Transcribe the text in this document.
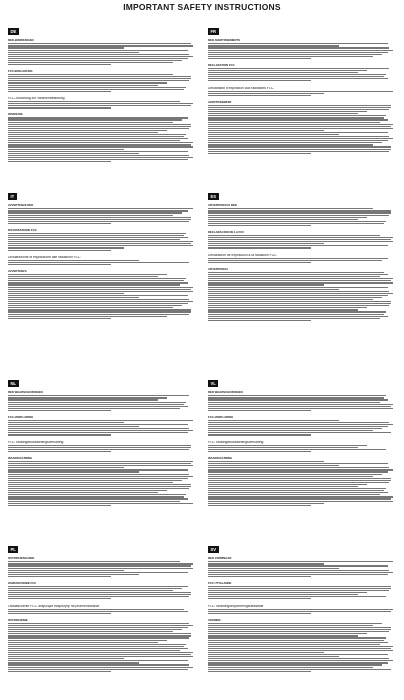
IMPORTANT SAFETY INSTRUCTIONS
DE
RED-WARNUNGEN
FCC-ERKLÄRUNG
FCC-Erklärung zur Strahlenbelastung
WARNUNG
FR
RED AVERTISSEMENTS
DÉCLARATION FCC
Déclaration d'exposition aux radiations FCC
AVERTISSEMENT
IT
AVVERTENZE RED
DICHIARAZIONE FCC
Dichiarazione di esposizione alle radiazioni FCC
AVVERTENZA
ES
ADVERTENCIAS RED
DECLARACIÓN DE LA FCC
Declaración de exposición a la radiación FCC
ADVERTENCIA
NL
RED WAARSCHUWINGEN
FCC-VERKLARING
FCC Stralingsblootstellingsverklaring
WAARSCHUWING
VL
RED WAARSCHUWINGEN
FCC-VERKLARING
FCC Stralingsblootstellingsverklaring
WAARSCHUWING
PL
OSTRZEŻENIA RED
OŚWIADCZENIE FCC
Oświadczenie FCC dotyczące ekspozycji na promieniowanie
OSTRZEŻENIE
SV
RED VARNINGAR
FCC UTTALANDE
FCC Strålningsexponeringsuttalande
VARNING
